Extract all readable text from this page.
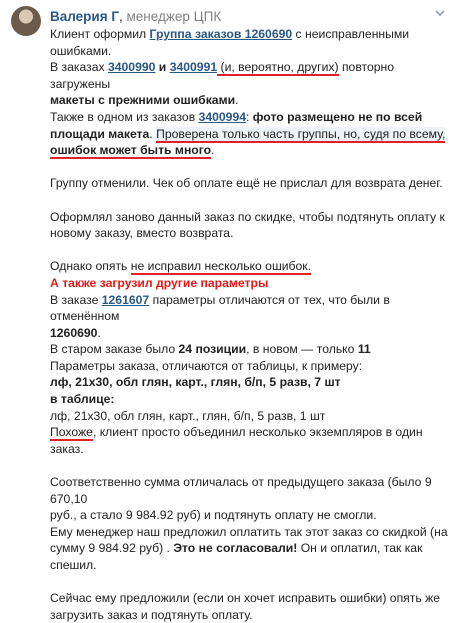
Валерия Г, менеджер ЦПК

Клиент оформил Группа заказов 1260690 с неисправленными ошибками.

В заказах 3400990 и 3400991 (и, вероятно, других) повторно загружены

макеты с прежними ошибками.

Также в одном из заказов 3400994: фото размещено не по всей

площади макета. Проверена только часть группы, но, судя по всему,

ошибок может быть много.

Группу отменили. Чек об оплате ещё не прислал для возврата денег.

Оформлял заново данный заказ по скидке, чтобы подтянуть оплату к

новому заказу, вместо возврата.

Однако опять не исправил несколько ошибок.

А также загрузил другие параметры

В заказе 1261607 параметры отличаются от тех, что были в отменённом

1260690.

В старом заказе было 24 позиции, в новом — только 11

Параметры заказа, отличаются от таблицы, к примеру:

лф, 21х30, обл глян, карт., глян, б/п, 5 разв, 7 шт

в таблице:

лф, 21х30, обл глян, карт., глян, б/п, 5 разв, 1 шт

Похоже, клиент просто объединил несколько экземпляров в один заказ.

Соответственно сумма отличалась от предыдущего заказа (было 9 670,10

руб., а стало 9 984.92 руб) и подтянуть оплату не смогли.

Ему менеджер наш предложил оплатить так этот заказ со скидкой (на

сумму 9 984.92 руб) . Это не согласовали! Он и оплатил, так как спешил.

Сейчас ему предложили (если он хочет исправить ошибки) опять же

загрузить заказ и подтянуть оплату.
